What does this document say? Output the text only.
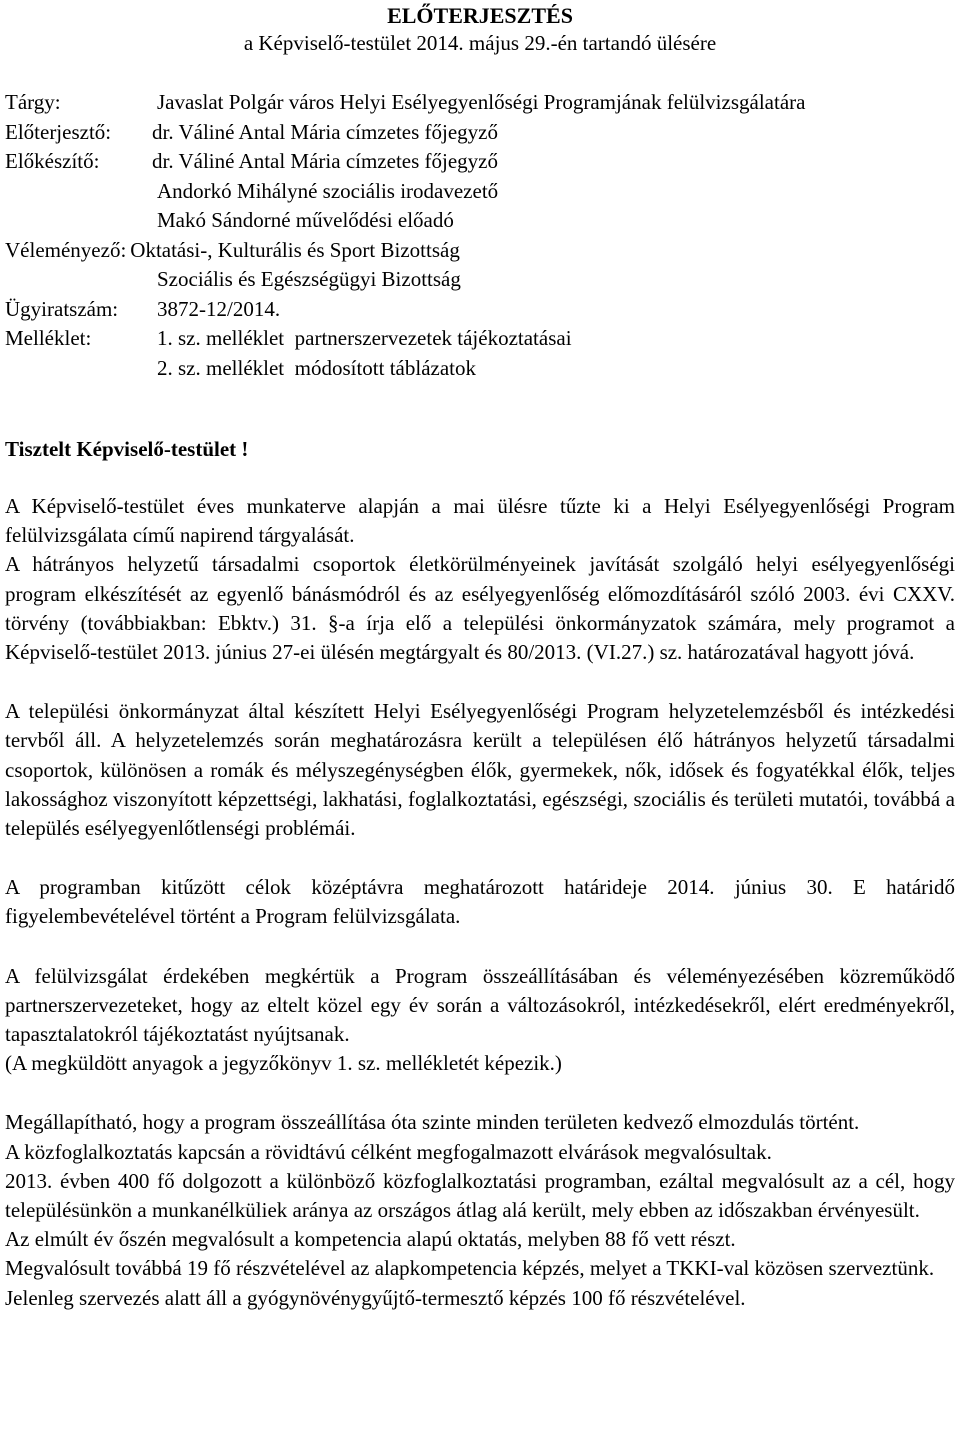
ELŐTERJESZTÉS
a Képviselő-testület 2014. május 29.-én tartandó ülésére
Tárgy:	Javaslat Polgár város Helyi Esélyegyenlőségi Programjának felülvizsgálatára
Előterjesztő:	dr. Váliné Antal Mária címzetes főjegyző
Előkészítő:	dr. Váliné Antal Mária címzetes főjegyző
Andorkó Mihályné szociális irodavezető
Makó Sándorné művelődési előadó
Véleményező: Oktatási-, Kulturális és Sport Bizottság
Szociális és Egészségügyi Bizottság
Ügyiratszám:	3872-12/2014.
Melléklet:	1. sz. melléklet  partnerszervezetek tájékoztatásai
2. sz. melléklet  módosított táblázatok
Tisztelt Képviselő-testület !

A Képviselő-testület éves munkaterve alapján a mai ülésre tűzte ki a Helyi Esélyegyenlőségi Program felülvizsgálata című napirend tárgyalását.

A hátrányos helyzetű társadalmi csoportok életkörülményeinek javítását szolgáló helyi esélyegyenlőségi program elkészítését az egyenlő bánásmódról és az esélyegyenlőség előmozdításáról szóló 2003. évi CXXV. törvény (továbbiakban: Ebktv.) 31. §-a írja elő a települési önkormányzatok számára, mely programot a Képviselő-testület 2013. június 27-ei ülésén megtárgyalt és 80/2013. (VI.27.) sz. határozatával hagyott jóvá.

A települési önkormányzat által készített Helyi Esélyegyenlőségi Program helyzetelemzésből és intézkedési tervből áll. A helyzetelemzés során meghatározásra került a településen élő hátrányos helyzetű társadalmi csoportok, különösen a romák és mélyszegénységben élők, gyermekek, nők, idősek és fogyatékkal élők, teljes lakossághoz viszonyított képzettségi, lakhatási, foglalkoztatási, egészségi, szociális és területi mutatói, továbbá a település esélyegyenlőtlenségi problémái.

A programban kitűzött célok középtávra meghatározott határideje 2014. június 30. E határidő figyelembevételével történt a Program felülvizsgálata.

A felülvizsgálat érdekében megkértük a Program összeállításában és véleményezésében közreműködő partnerszervezeteket, hogy az eltelt közel egy év során a változásokról, intézkedésekről, elért eredményekről, tapasztalatokról tájékoztatást nyújtsanak.

(A megküldött anyagok a jegyzőkönyv 1. sz. mellékletét képezik.)

Megállapítható, hogy a program összeállítása óta szinte minden területen kedvező elmozdulás történt.

A közfoglalkoztatás kapcsán a rövidtávú célként megfogalmazott elvárások megvalósultak.

2013. évben 400 fő dolgozott a különböző közfoglalkoztatási programban, ezáltal megvalósult az a cél, hogy településünkön a munkanélküliek aránya az országos átlag alá került, mely ebben az időszakban érvényesült.

Az elmúlt év őszén megvalósult a kompetencia alapú oktatás, melyben 88 fő vett részt.

Megvalósult továbbá 19 fő részvételével az alapkompetencia képzés, melyet a TKKI-val közösen szerveztünk.

Jelenleg szervezés alatt áll a gyógynövénygyűjtő-termesztő képzés 100 fő részvételével.
